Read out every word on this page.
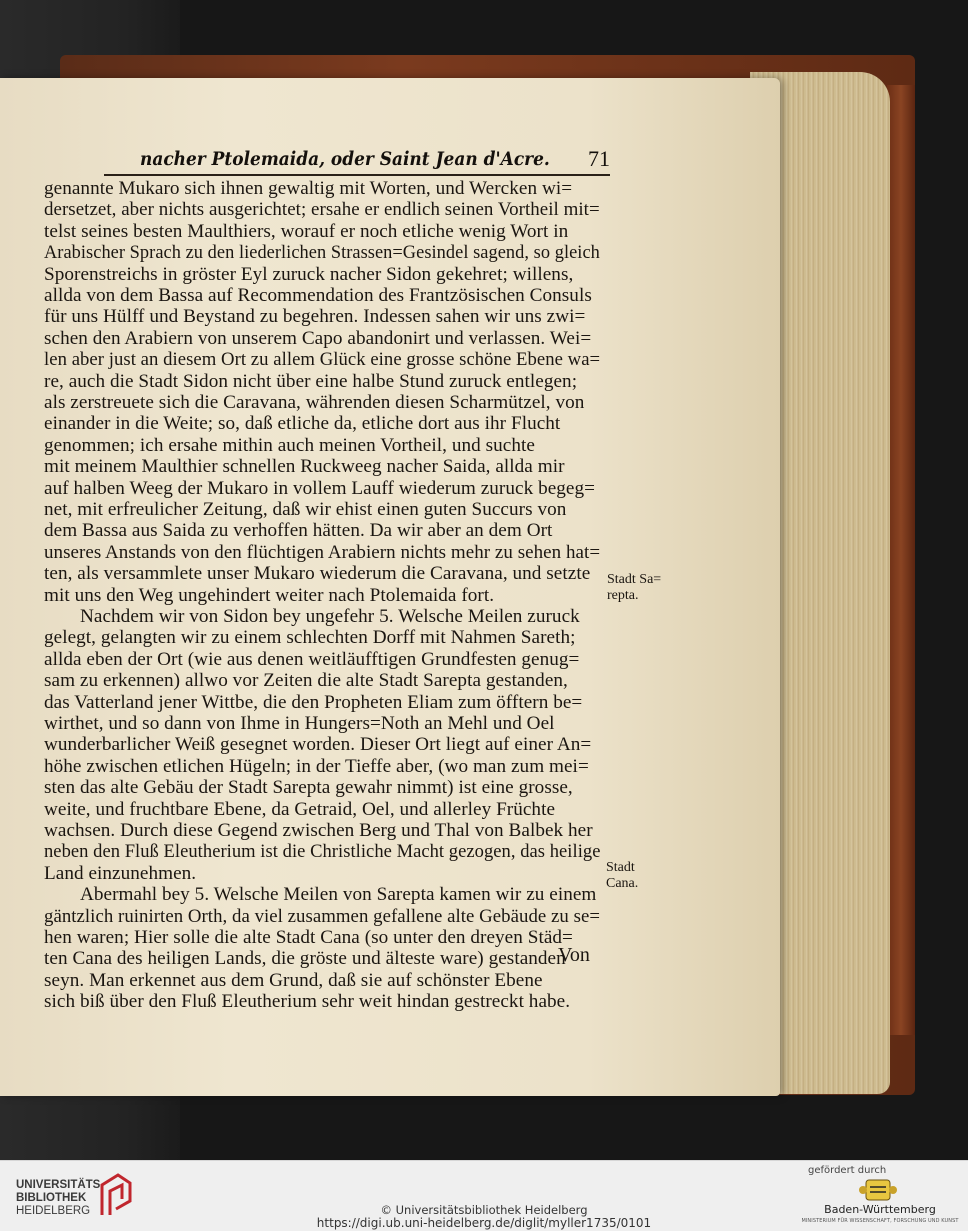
nacher Ptolemaida, oder Saint Jean d'Acre. 71
genannte Mukaro sich ihnen gewaltig mit Worten, und Wercken wi=
dersetzet, aber nichts ausgerichtet; ersahe er endlich seinen Vortheil mit=
telst seines besten Maulthiers, worauf er noch etliche wenig Wort in
Arabischer Sprach zu den liederlichen Strassen=Gesindel sagend, so gleich
Sporenstreichs in gröster Eyl zuruck nacher Sidon gekehret; willens,
allda von dem Bassa auf Recommendation des Frantzösischen Consuls
für uns Hülff und Beystand zu begehren. Indessen sahen wir uns zwi=
schen den Arabiern von unserem Capo abandonirt und verlassen. Wei=
len aber just an diesem Ort zu allem Glück eine grosse schöne Ebene wa=
re, auch die Stadt Sidon nicht über eine halbe Stund zuruck entlegen;
als zerstreuete sich die Caravana, währenden diesen Scharmützel, von
einander in die Weite; so, daß etliche da, etliche dort aus ihr Flucht
genommen; ich ersahe mithin auch meinen Vortheil, und suchte
mit meinem Maulthier schnellen Ruckweeg nacher Saida, allda mir
auf halben Weeg der Mukaro in vollem Lauff wiederum zuruck begeg=
net, mit erfreulicher Zeitung, daß wir ehist einen guten Succurs von
dem Bassa aus Saida zu verhoffen hätten. Da wir aber an dem Ort
unseres Anstands von den flüchtigen Arabiern nichts mehr zu sehen hat=
ten, als versammlete unser Mukaro wiederum die Caravana, und setzte
mit uns den Weg ungehindert weiter nach Ptolemaida fort.
Nachdem wir von Sidon bey ungefehr 5. Welsche Meilen zuruck
gelegt, gelangten wir zu einem schlechten Dorff mit Nahmen Sareth;
allda eben der Ort (wie aus denen weitläufftigen Grundfesten genug=
sam zu erkennen) allwo vor Zeiten die alte Stadt Sarepta gestanden,
das Vatterland jener Wittbe, die den Propheten Eliam zum öfftern be=
wirthet, und so dann von Ihme in Hungers=Noth an Mehl und Oel
wunderbarlicher Weiß gesegnet worden. Dieser Ort liegt auf einer An=
höhe zwischen etlichen Hügeln; in der Tieffe aber, (wo man zum mei=
sten das alte Gebäu der Stadt Sarepta gewahr nimmt) ist eine grosse,
weite, und fruchtbare Ebene, da Getraid, Oel, und allerley Früchte
wachsen. Durch diese Gegend zwischen Berg und Thal von Balbek her
neben den Fluß Eleutherium ist die Christliche Macht gezogen, das heilige
Land einzunehmen.
Abermahl bey 5. Welsche Meilen von Sarepta kamen wir zu einem
gäntzlich ruinirten Orth, da viel zusammen gefallene alte Gebäude zu se=
hen waren; Hier solle die alte Stadt Cana (so unter den dreyen Städ=
ten Cana des heiligen Lands, die gröste und älteste ware) gestanden
seyn. Man erkennet aus dem Grund, daß sie auf schönster Ebene
sich biß über den Fluß Eleutherium sehr weit hindan gestreckt habe.
Stadt Sa=
repta.
Stadt
Cana.
Von
UNIVERSITÄTS-
BIBLIOTHEK
HEIDELBERG	© Universitätsbibliothek Heidelberg
https://digi.ub.uni-heidelberg.de/diglit/myller1735/0101
gefördert durch
Baden-Württemberg
MINISTERIUM FÜR WISSENSCHAFT, FORSCHUNG UND KUNST
